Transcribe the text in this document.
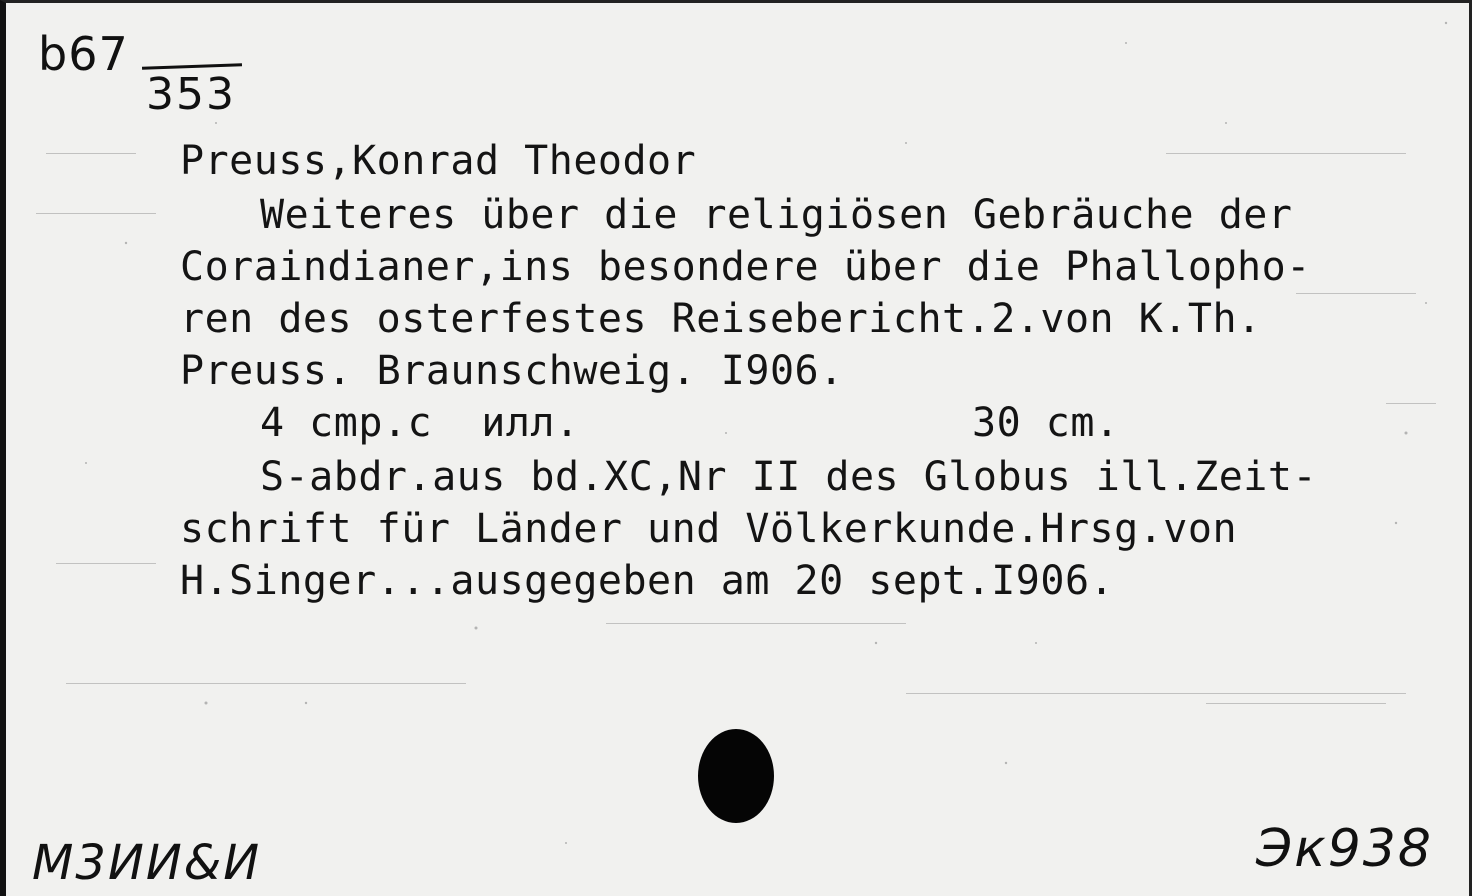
b67
353
Preuss,Konrad Theodor
Weiteres über die religiösen Gebräuche der
Coraindianer,ins besondere über die Phallopho-
ren des osterfestes Reisebericht.2.von K.Th.
Preuss. Braunschweig. I906.
4 cmp.c  илл.	30 cm.
S-abdr.aus bd.XC,Nr II des Globus ill.Zeit-
schrift für Länder und Völkerkunde.Hrsg.von
H.Singer...ausgegeben am 20 sept.I906.
M3ИИ&И	Эк938
